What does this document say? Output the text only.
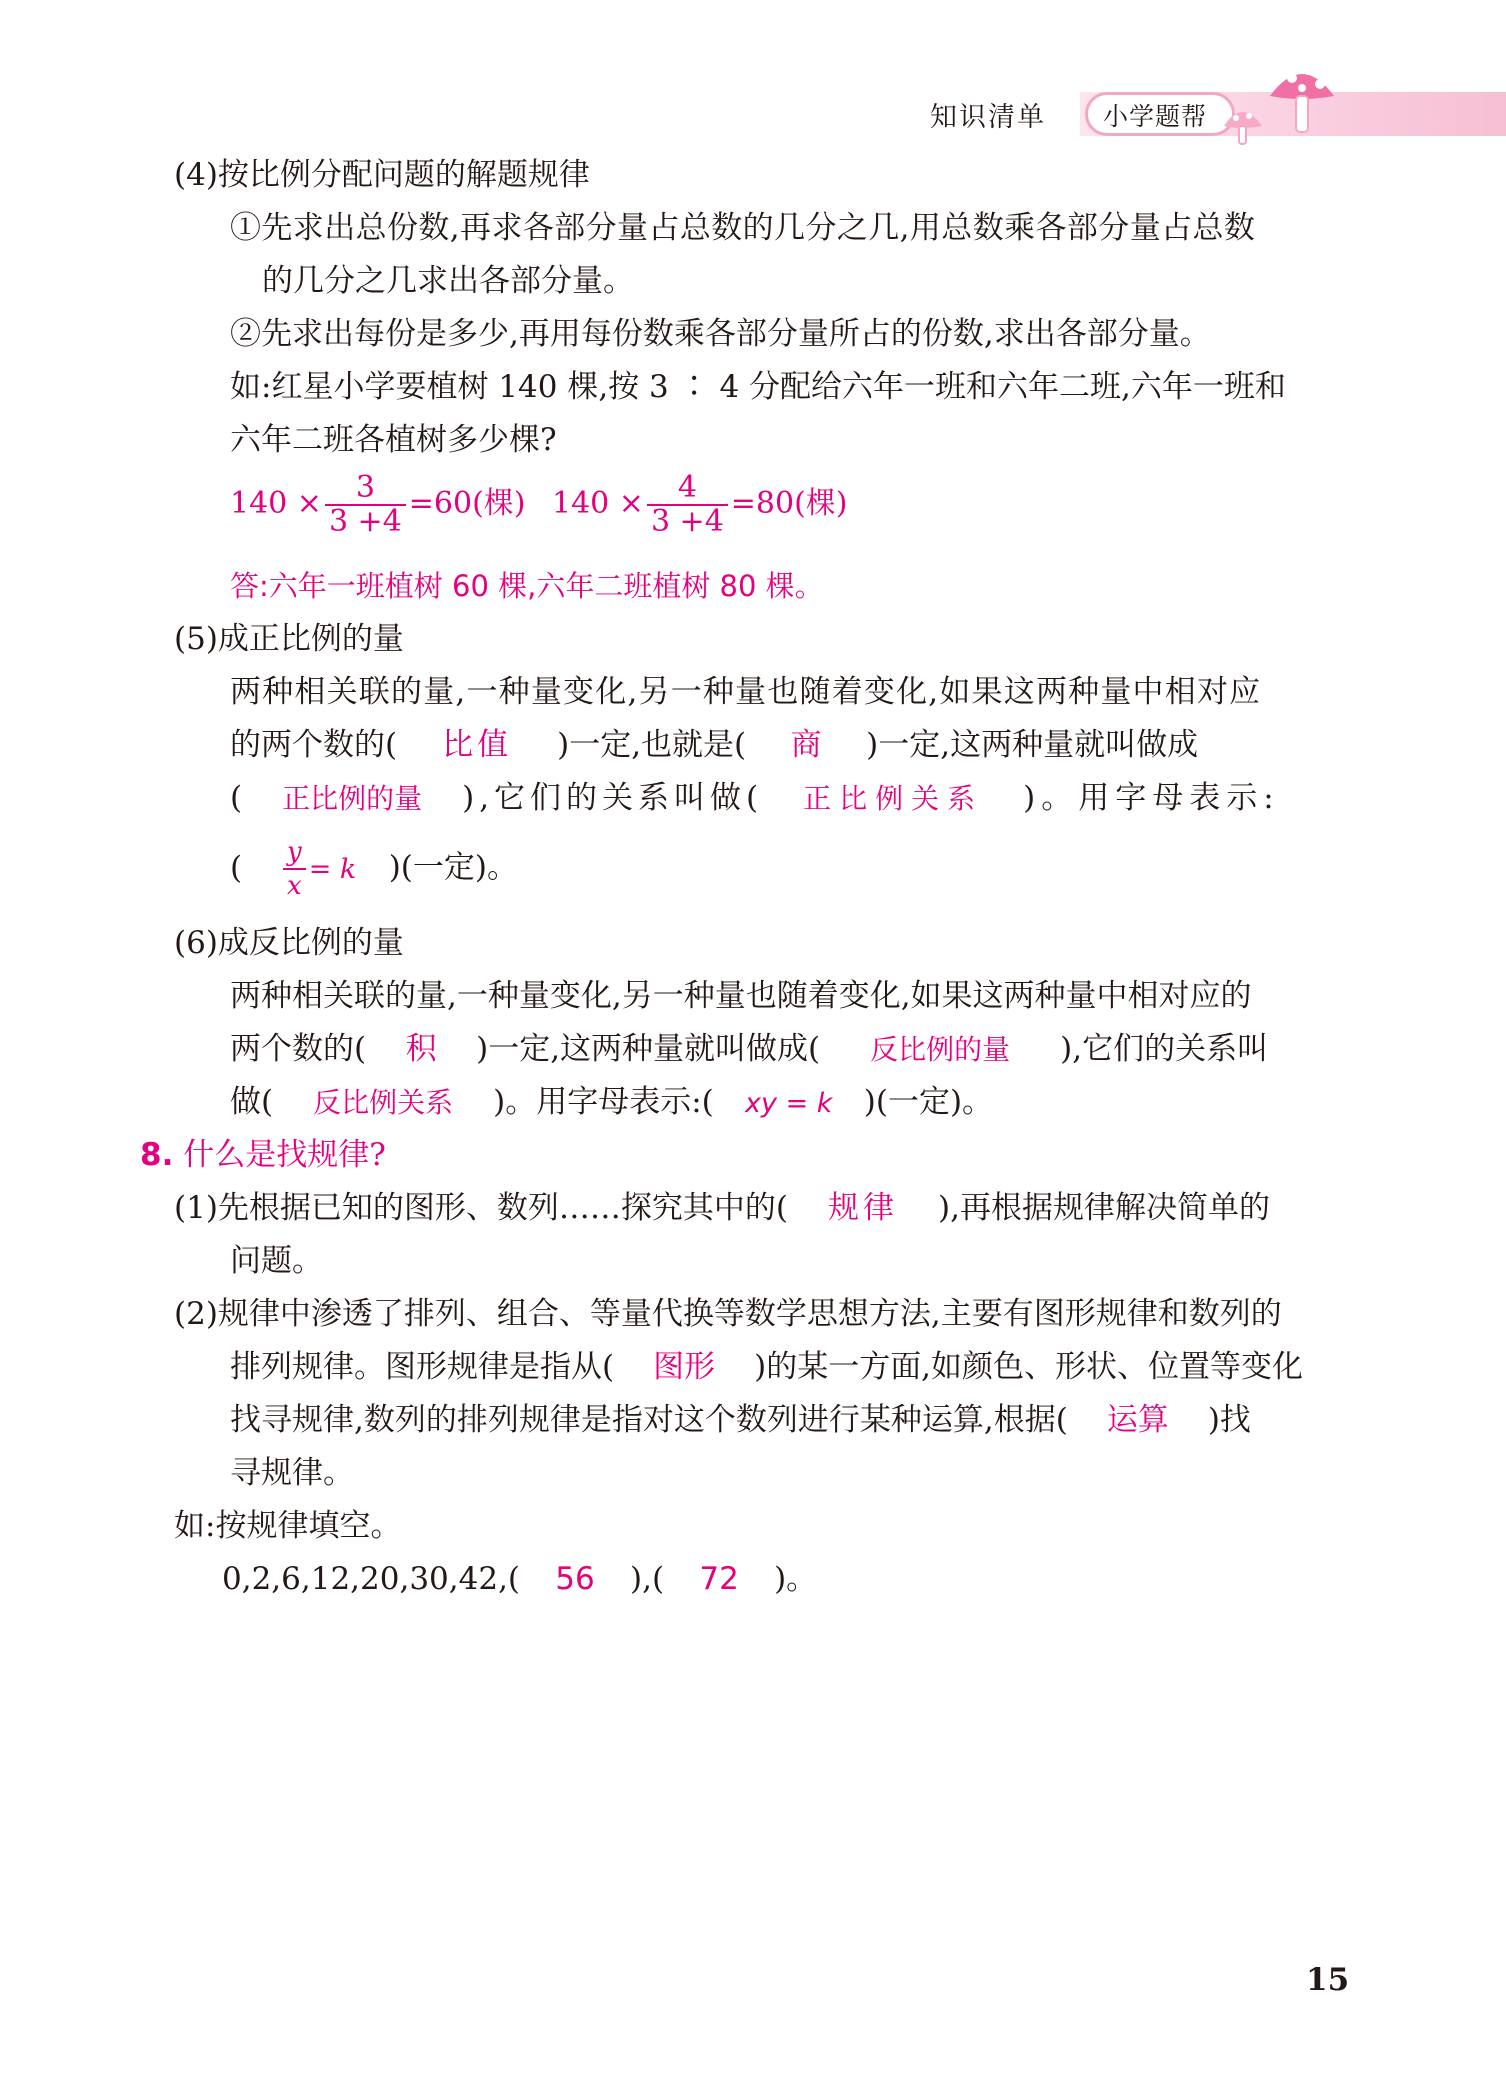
知识清单 小学题帮
(4)按比例分配问题的解题规律
①先求出总份数,再求各部分量占总数的几分之几,用总数乘各部分量占总数
的几分之几求出各部分量。
②先求出每份是多少,再用每份数乘各部分量所占的份数,求出各部分量。
如:红星小学要植树 140 棵,按 3 ∶ 4 分配给六年一班和六年二班,六年一班和
六年二班各植树多少棵?
$140 \times \frac{3}{3 +4} =60$(棵) $140 \times \frac{4}{3 +4} =80$(棵)
答:六年一班植树 60 棵,六年二班植树 80 棵。
(5)成正比例的量
两种相关联的量,一种量变化,另一种量也随着变化,如果这两种量中相对应
的两个数的( 比值 )一定,也就是( 商 )一定,这两种量就叫做成
( 正比例的量 ),它们的关系叫做( 正比例关系 )。用字母表示:
( $\frac{y}{x} = k$ )(一定)。
(6)成反比例的量
两种相关联的量,一种量变化,另一种量也随着变化,如果这两种量中相对应的
两个数的( 积 )一定,这两种量就叫做成( 反比例的量 ),它们的关系叫
做( 反比例关系 )。用字母表示:( xy = k )(一定)。
8. 什么是找规律?
(1)先根据已知的图形、数列……探究其中的( 规律 ),再根据规律解决简单的
问题。
(2)规律中渗透了排列、组合、等量代换等数学思想方法,主要有图形规律和数列的
排列规律。图形规律是指从( 图形 )的某一方面,如颜色、形状、位置等变化
找寻规律,数列的排列规律是指对这个数列进行某种运算,根据( 运算 )找
寻规律。
如:按规律填空。
0,2,6,12,20,30,42,( 56 ),( 72 )。
15
